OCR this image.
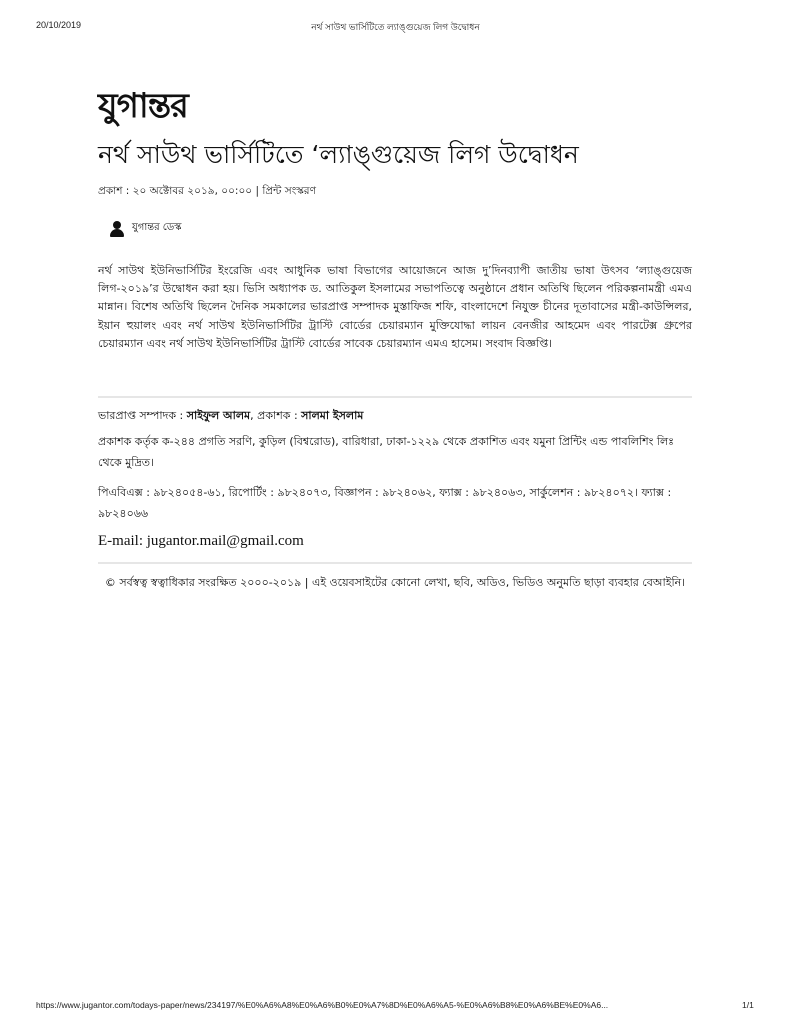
20/10/2019	নর্থ সাউথ ভার্সিটিতে ল্যাঙ্গুয়েজ লিগ উদ্বোধন
যুগান্তর
নর্থ সাউথ ভার্সিটিতে ‘ল্যাঙ্গুয়েজ লিগ উদ্বোধন
প্রকাশ : ২০ অক্টোবর ২০১৯, ০০:০০ | প্রিন্ট সংস্করণ
যুগান্তর ডেস্ক
নর্থ সাউথ ইউনিভার্সিটির ইংরেজি এবং আধুনিক ভাষা বিভাগের আয়োজনে আজ দু’দিনব্যাপী জাতীয় ভাষা উৎসব ‘ল্যাঙ্গুয়েজ লিগ-২০১৯’র উদ্বোধন করা হয়। ভিসি অধ্যাপক ড. আতিকুল ইসলামের সভাপতিত্বে অনুষ্ঠানে প্রধান অতিথি ছিলেন পরিকল্পনামন্ত্রী এমএ মান্নান। বিশেষ অতিথি ছিলেন দৈনিক সমকালের ভারপ্রাপ্ত সম্পাদক মুস্তাফিজ শফি, বাংলাদেশে নিযুক্ত চীনের দূতাবাসের মন্ত্রী-কাউন্সিলর, ইয়ান হুয়ালং এবং নর্থ সাউথ ইউনিভার্সিটির ট্রাস্টি বোর্ডের চেয়ারম্যান মুক্তিযোদ্ধা লায়ন বেনজীর আহমেদ এবং পারটেক্স গ্রুপের চেয়ারম্যান এবং নর্থ সাউথ ইউনিভার্সিটির ট্রাস্টি বোর্ডের সাবেক চেয়ারম্যান এমএ হাসেম। সংবাদ বিজ্ঞপ্তি।
ভারপ্রাপ্ত সম্পাদক : সাইফুল আলম, প্রকাশক : সালমা ইসলাম
প্রকাশক কর্তৃক ক-২৪৪ প্রগতি সরণি, কুড়িল (বিশ্বরোড), বারিধারা, ঢাকা-১২২৯ থেকে প্রকাশিত এবং যমুনা প্রিন্টিং এন্ড পাবলিশিং লিঃ থেকে মুদ্রিত।
পিএবিএক্স : ৯৮২৪০৫৪-৬১, রিপোর্টিং : ৯৮২৪০৭৩, বিজ্ঞাপন : ৯৮২৪০৬২, ফ্যাক্স : ৯৮২৪০৬৩, সার্কুলেশন : ৯৮২৪০৭২। ফ্যাক্স : ৯৮২৪০৬৬
E-mail: jugantor.mail@gmail.com
© সর্বস্বত্ব স্বত্বাধিকার সংরক্ষিত ২০০০-২০১৯ | এই ওয়েবসাইটের কোনো লেখা, ছবি, অডিও, ভিডিও অনুমতি ছাড়া ব্যবহার বেআইনি।
https://www.jugantor.com/todays-paper/news/234197/%E0%A6%A8%E0%A6%B0%E0%A7%8D%E0%A6%A5-%E0%A6%B8%E0%A6%BE%E0%A6...	1/1
